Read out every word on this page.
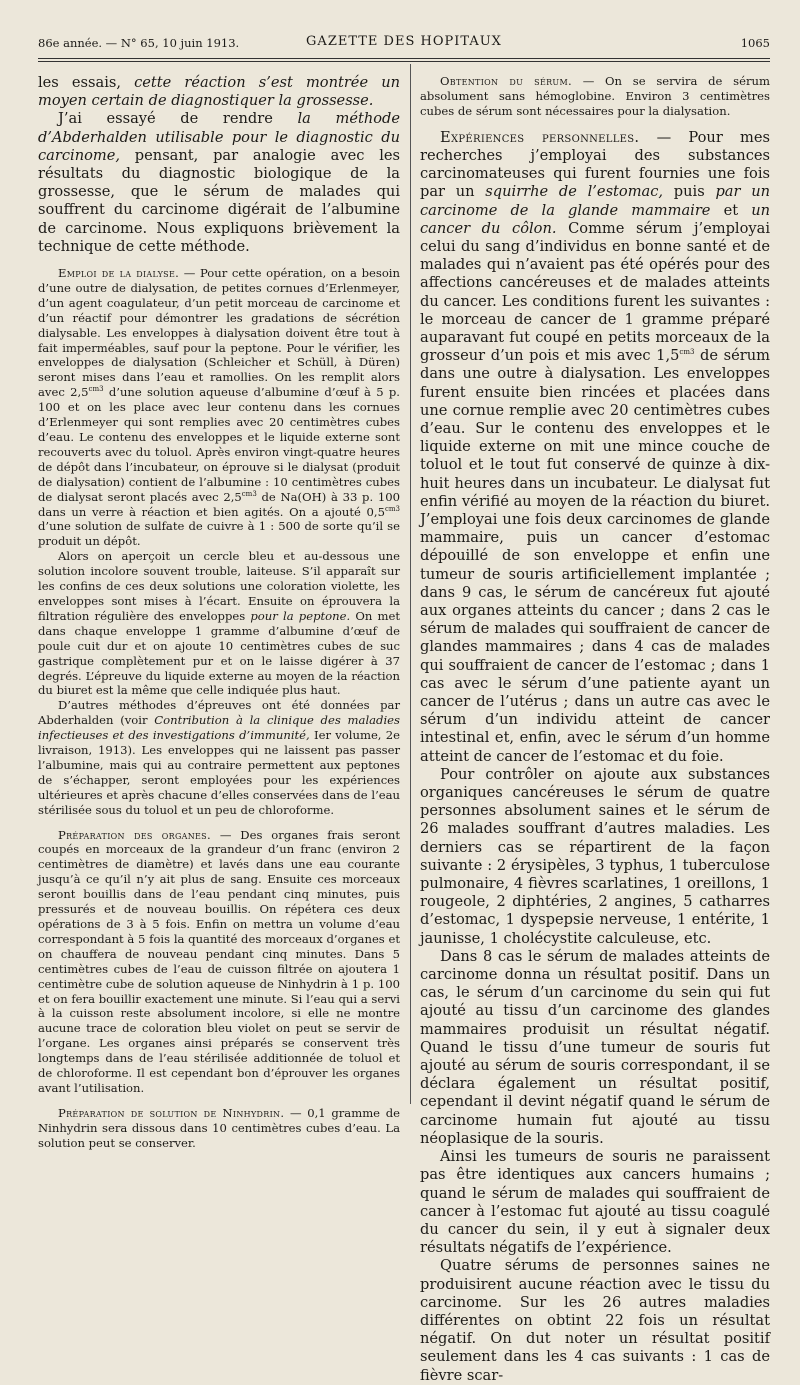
86e année. — N° 65, 10 juin 1913.	GAZETTE DES HOPITAUX	1065

les essais, cette réaction s’est montrée un moyen certain de diagnostiquer la grossesse.

J’ai essayé de rendre la méthode d’Abderhalden utilisable pour le diagnostic du carcinome, pensant, par analogie avec les résultats du diagnostic biologique de la grossesse, que le sérum de malades qui souffrent du carcinome digérait de l’albumine de carcinome. Nous expliquons brièvement la technique de cette méthode.

Emploi de la dialyse. — Pour cette opération, on a besoin d’une outre de dialysation, de petites cornues d’Erlenmeyer, d’un agent coagulateur, d’un petit morceau de carcinome et d’un réactif pour démontrer les gradations de sécrétion dialysable. Les enveloppes à dialysation doivent être tout à fait imperméables, sauf pour la peptone. Pour le vérifier, les enveloppes de dialysation (Schleicher et Schüll, à Düren) seront mises dans l’eau et ramollies. On les remplit alors avec $2,5^{cm3}$ d’une solution aqueuse d’albumine d’œuf à 5 p. 100 et on les place avec leur contenu dans les cornues d’Erlenmeyer qui sont remplies avec 20 centimètres cubes d’eau. Le contenu des enveloppes et le liquide externe sont recouverts avec du toluol. Après environ vingt-quatre heures de dépôt dans l’incubateur, on éprouve si le dialysat (produit de dialysation) contient de l’albumine : 10 centimètres cubes de dialysat seront placés avec $2,5^{cm3}$ de Na(OH) à 33 p. 100 dans un verre à réaction et bien agités. On a ajouté $0,5^{cm3}$ d’une solution de sulfate de cuivre à 1 : 500 de sorte qu’il se produit un dépôt.

Alors on aperçoit un cercle bleu et au-dessous une solution incolore souvent trouble, laiteuse. S’il apparaît sur les confins de ces deux solutions une coloration violette, les enveloppes sont mises à l’écart. Ensuite on éprouvera la filtration régulière des enveloppes pour la peptone. On met dans chaque enveloppe 1 gramme d’albumine d’œuf de poule cuit dur et on ajoute 10 centimètres cubes de suc gastrique complètement pur et on le laisse digérer à 37 degrés. L’épreuve du liquide externe au moyen de la réaction du biuret est la même que celle indiquée plus haut.

D’autres méthodes d’épreuves ont été données par Abderhalden (voir Contribution à la clinique des maladies infectieuses et des investigations d’immunité, Ier volume, 2e livraison, 1913). Les enveloppes qui ne laissent pas passer l’albumine, mais qui au contraire permettent aux peptones de s’échapper, seront employées pour les expériences ultérieures et après chacune d’elles conservées dans de l’eau stérilisée sous du toluol et un peu de chloroforme.

Préparation des organes. — Des organes frais seront coupés en morceaux de la grandeur d’un franc (environ 2 centimètres de diamètre) et lavés dans une eau courante jusqu’à ce qu’il n’y ait plus de sang. Ensuite ces morceaux seront bouillis dans de l’eau pendant cinq minutes, puis pressurés et de nouveau bouillis. On répétera ces deux opérations de 3 à 5 fois. Enfin on mettra un volume d’eau correspondant à 5 fois la quantité des morceaux d’organes et on chauffera de nouveau pendant cinq minutes. Dans 5 centimètres cubes de l’eau de cuisson filtrée on ajoutera 1 centimètre cube de solution aqueuse de Ninhydrin à 1 p. 100 et on fera bouillir exactement une minute. Si l’eau qui a servi à la cuisson reste absolument incolore, si elle ne montre aucune trace de coloration bleu violet on peut se servir de l’organe. Les organes ainsi préparés se conservent très longtemps dans de l’eau stérilisée additionnée de toluol et de chloroforme. Il est cependant bon d’éprouver les organes avant l’utilisation.

Préparation de solution de Ninhydrin. — 0,1 gramme de Ninhydrin sera dissous dans 10 centimètres cubes d’eau. La solution peut se conserver.

Obtention du sérum. — On se servira de sérum absolument sans hémoglobine. Environ 3 centimètres cubes de sérum sont nécessaires pour la dialysation.

Expériences personnelles. — Pour mes recherches j’employai des substances carcinomateuses qui furent fournies une fois par un squirrhe de l’estomac, puis par un carcinome de la glande mammaire et un cancer du côlon. Comme sérum j’employai celui du sang d’individus en bonne santé et de malades qui n’avaient pas été opérés pour des affections cancéreuses et de malades atteints du cancer. Les conditions furent les suivantes : le morceau de cancer de 1 gramme préparé auparavant fut coupé en petits morceaux de la grosseur d’un pois et mis avec $1,5^{cm3}$ de sérum dans une outre à dialysation. Les enveloppes furent ensuite bien rincées et placées dans une cornue remplie avec 20 centimètres cubes d’eau. Sur le contenu des enveloppes et le liquide externe on mit une mince couche de toluol et le tout fut conservé de quinze à dix-huit heures dans un incubateur. Le dialysat fut enfin vérifié au moyen de la réaction du biuret. J’employai une fois deux carcinomes de glande mammaire, puis un cancer d’estomac dépouillé de son enveloppe et enfin une tumeur de souris artificiellement implantée ; dans 9 cas, le sérum de cancéreux fut ajouté aux organes atteints du cancer ; dans 2 cas le sérum de malades qui souffraient de cancer de glandes mammaires ; dans 4 cas de malades qui souffraient de cancer de l’estomac ; dans 1 cas avec le sérum d’une patiente ayant un cancer de l’utérus ; dans un autre cas avec le sérum d’un individu atteint de cancer intestinal et, enfin, avec le sérum d’un homme atteint de cancer de l’estomac et du foie.

Pour contrôler on ajoute aux substances organiques cancéreuses le sérum de quatre personnes absolument saines et le sérum de 26 malades souffrant d’autres maladies. Les derniers cas se répartirent de la façon suivante : 2 érysipèles, 3 typhus, 1 tuberculose pulmonaire, 4 fièvres scarlatines, 1 oreillons, 1 rougeole, 2 diphtéries, 2 angines, 5 catharres d’estomac, 1 dyspepsie nerveuse, 1 entérite, 1 jaunisse, 1 cholécystite calculeuse, etc.

Dans 8 cas le sérum de malades atteints de carcinome donna un résultat positif. Dans un cas, le sérum d’un carcinome du sein qui fut ajouté au tissu d’un carcinome des glandes mammaires produisit un résultat négatif. Quand le tissu d’une tumeur de souris fut ajouté au sérum de souris correspondant, il se déclara également un résultat positif, cependant il devint négatif quand le sérum de carcinome humain fut ajouté au tissu néoplasique de la souris.

Ainsi les tumeurs de souris ne paraissent pas être identiques aux cancers humains ; quand le sérum de malades qui souffraient de cancer à l’estomac fut ajouté au tissu coagulé du cancer du sein, il y eut à signaler deux résultats négatifs de l’expérience.

Quatre sérums de personnes saines ne produisirent aucune réaction avec le tissu du carcinome. Sur les 26 autres maladies différentes on obtint 22 fois un résultat négatif. On dut noter un résultat positif seulement dans les 4 cas suivants : 1 cas de fièvre scar-
